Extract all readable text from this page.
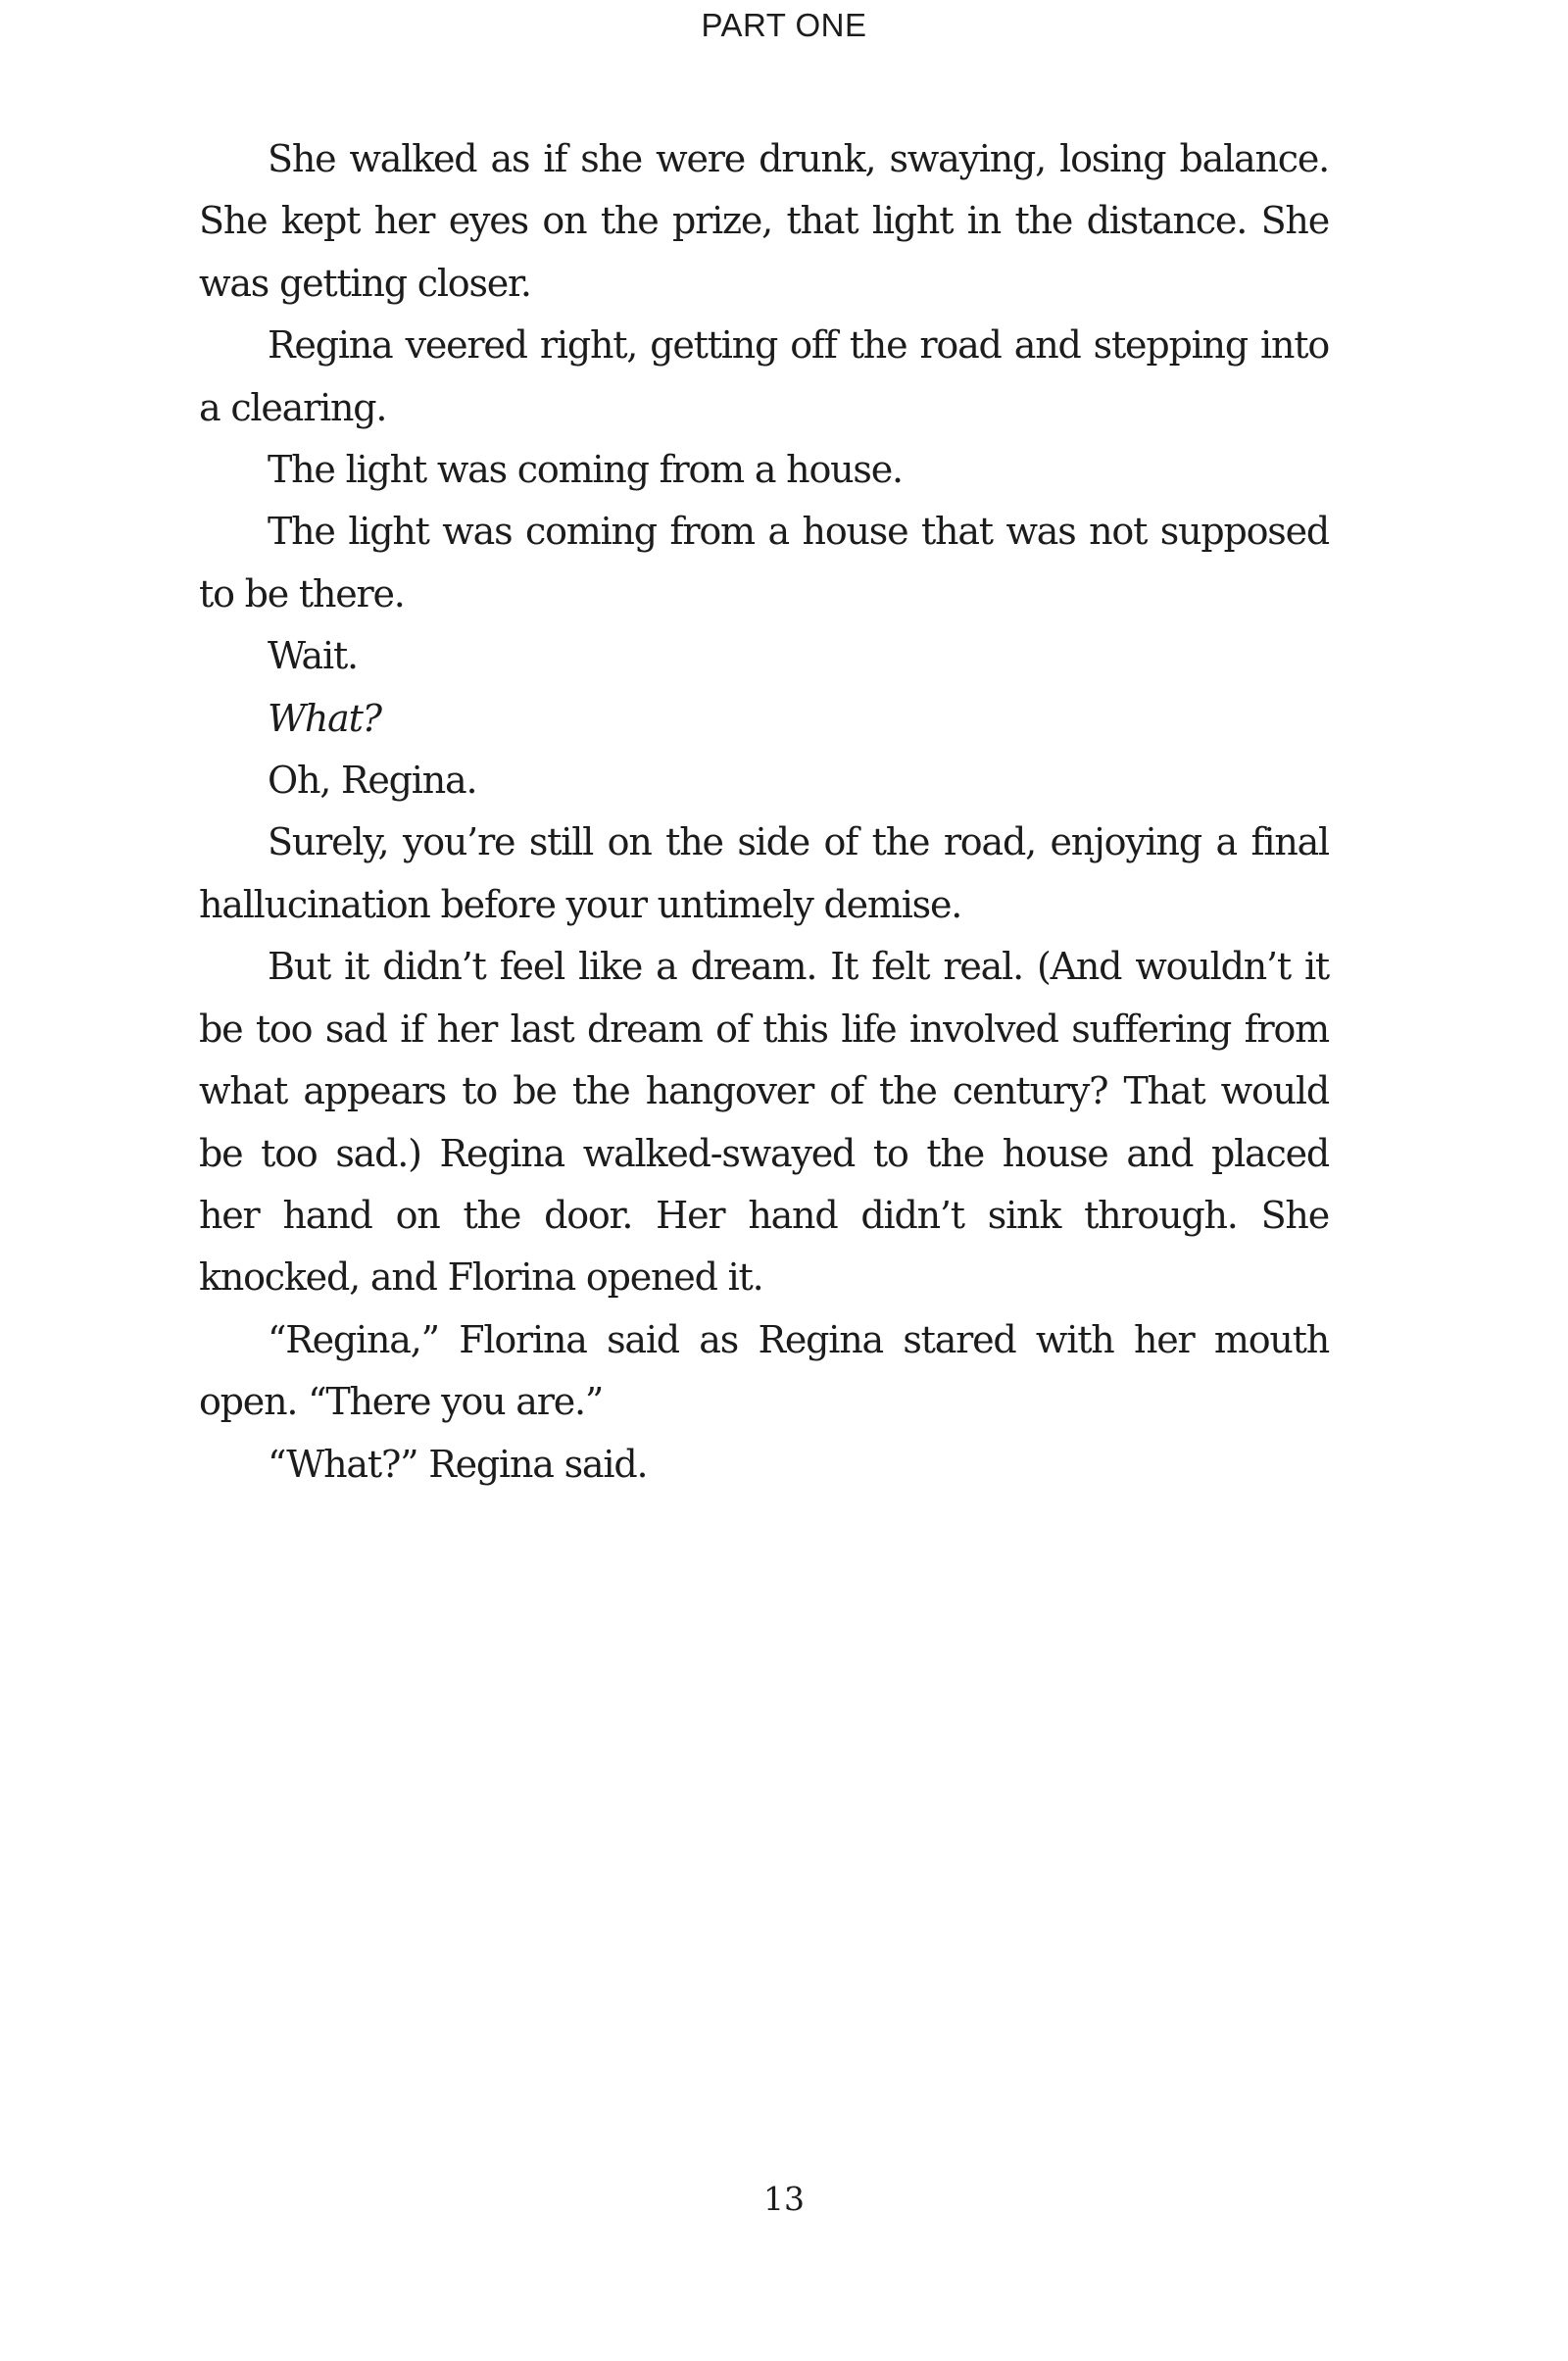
PART ONE

She walked as if she were drunk, swaying, losing balance. She kept her eyes on the prize, that light in the distance. She was getting closer.

Regina veered right, getting off the road and stepping into a clearing.

The light was coming from a house.

The light was coming from a house that was not supposed to be there.

Wait.

What?

Oh, Regina.

Surely, you’re still on the side of the road, enjoying a final hallucination before your untimely demise.

But it didn’t feel like a dream. It felt real. (And wouldn’t it be too sad if her last dream of this life involved suffering from what appears to be the hangover of the century? That would be too sad.) Regina walked-swayed to the house and placed her hand on the door. Her hand didn’t sink through. She knocked, and Florina opened it.

“Regina,” Florina said as Regina stared with her mouth open. “There you are.”

“What?” Regina said.

13
